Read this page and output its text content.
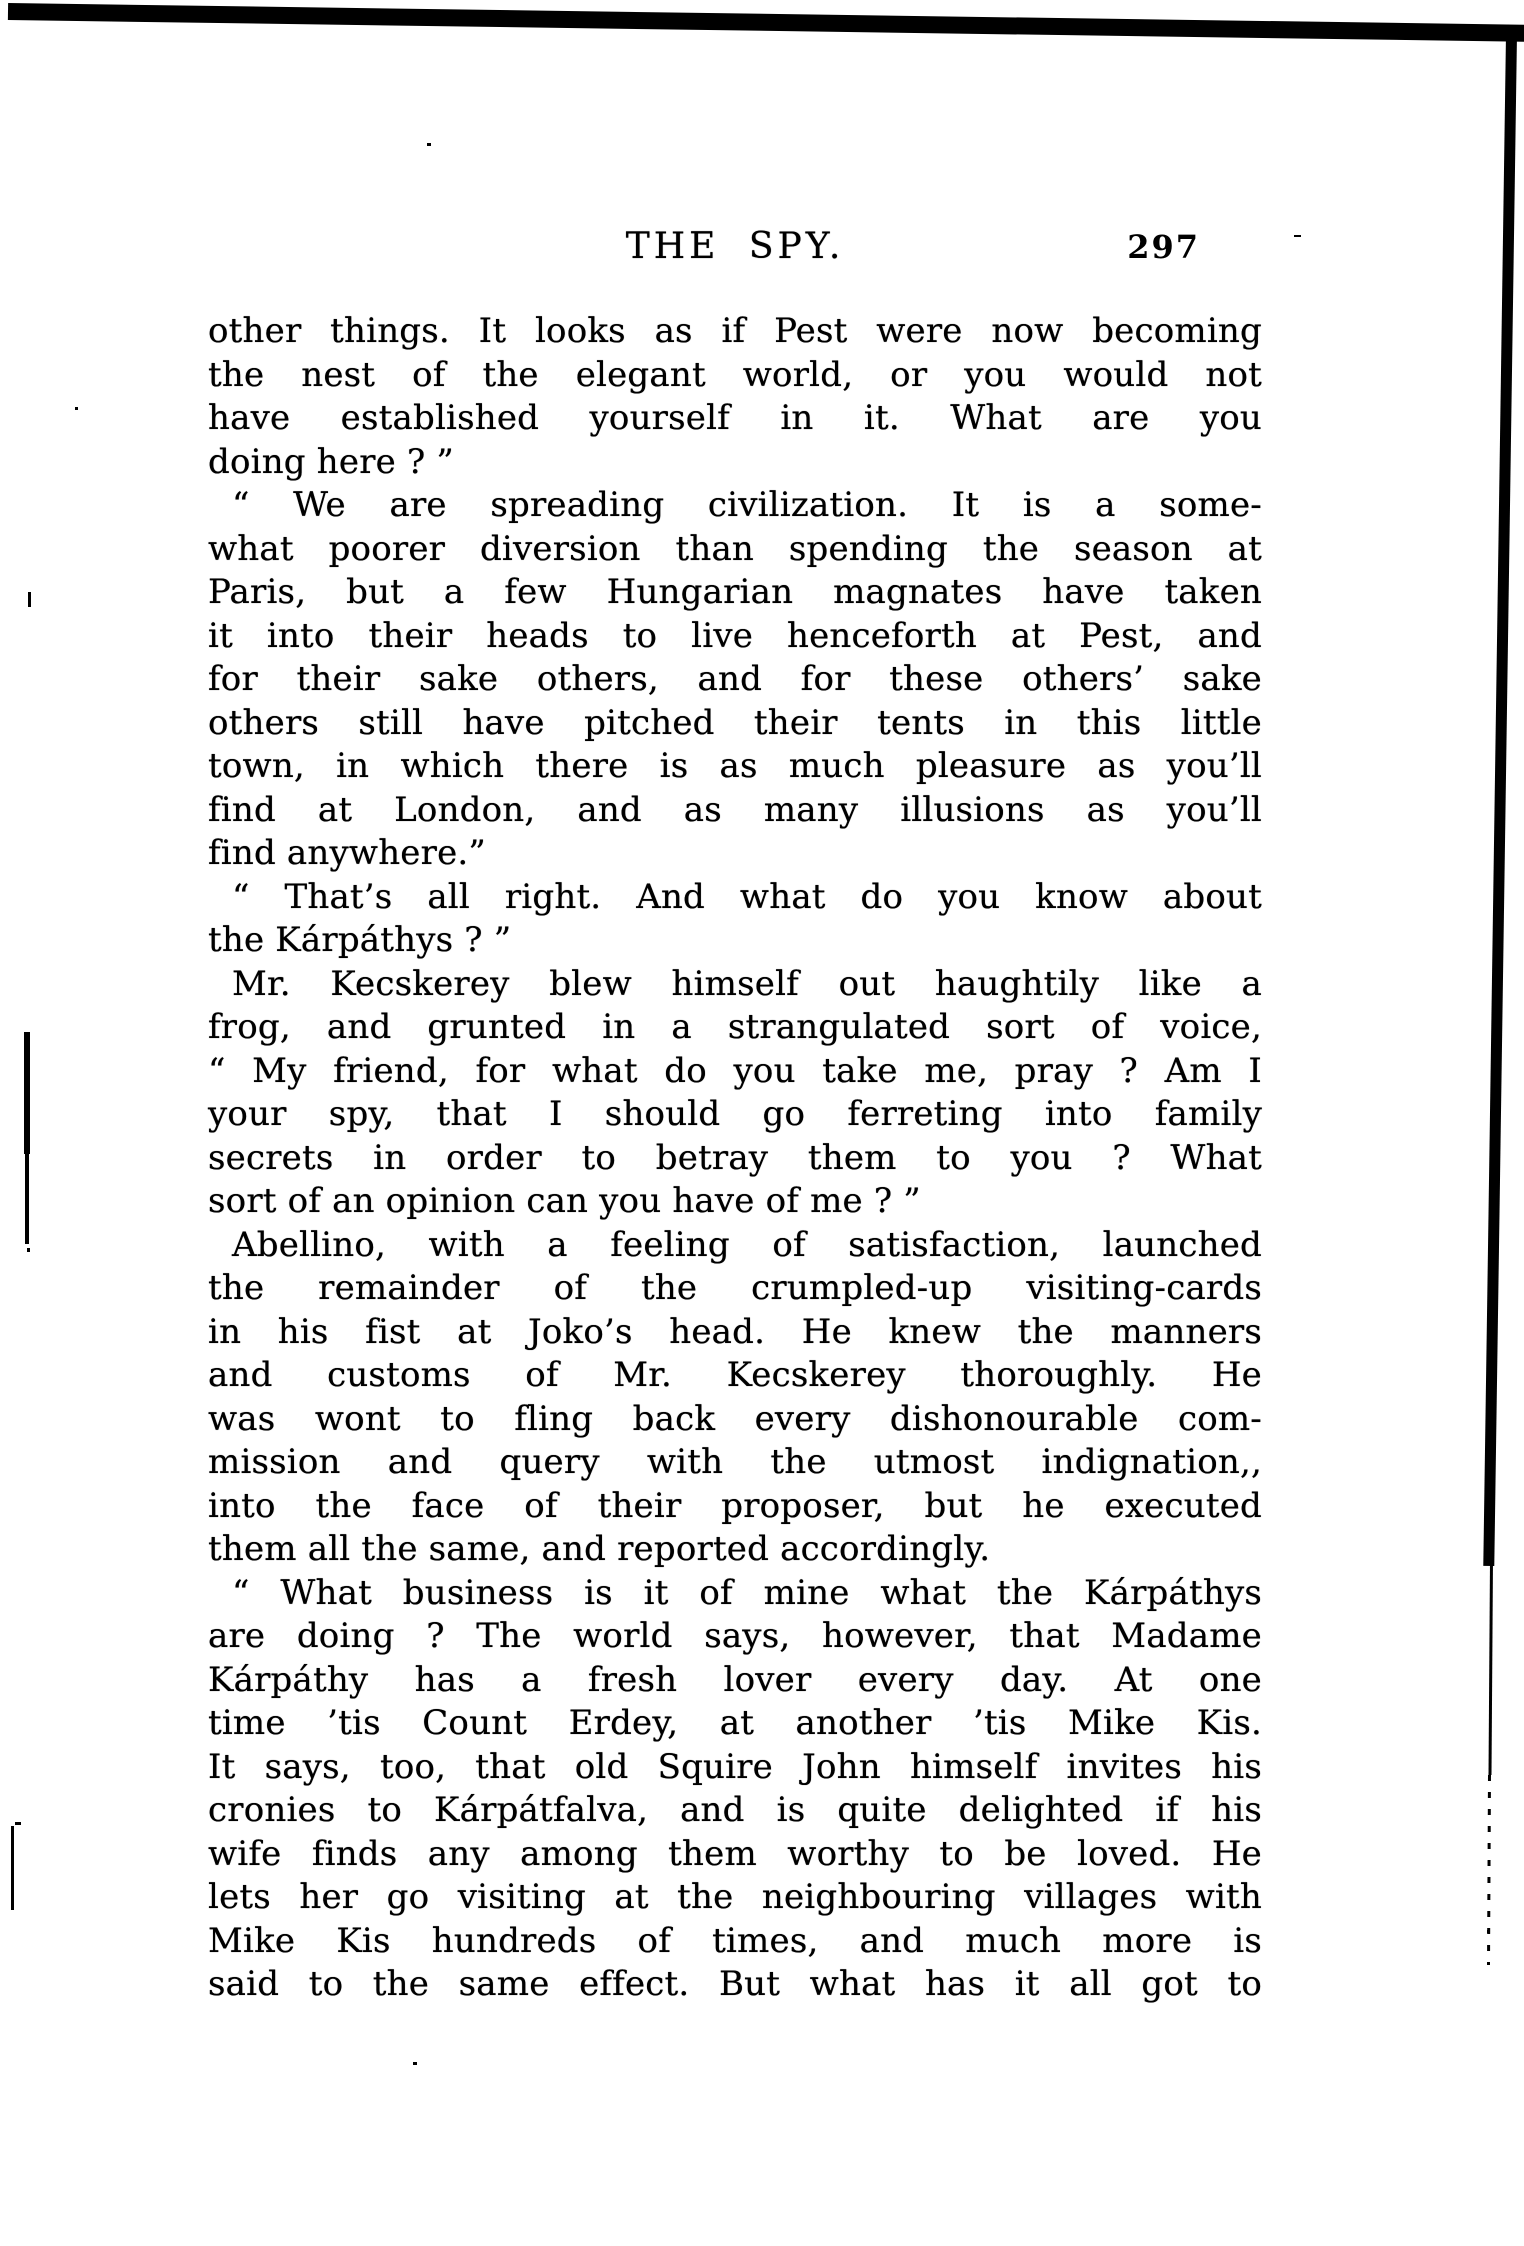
THE SPY.	297
other things. It looks as if Pest were now becoming
the nest of the elegant world, or you would not
have established yourself in it. What are you
doing here ? ”
“ We are spreading civilization. It is a some-
what poorer diversion than spending the season at
Paris, but a few Hungarian magnates have taken
it into their heads to live henceforth at Pest, and
for their sake others, and for these others’ sake
others still have pitched their tents in this little
town, in which there is as much pleasure as you’ll
find at London, and as many illusions as you’ll
find anywhere.”
“ That’s all right. And what do you know about
the Kárpáthys ? ”
Mr. Kecskerey blew himself out haughtily like a
frog, and grunted in a strangulated sort of voice,
“ My friend, for what do you take me, pray ? Am I
your spy, that I should go ferreting into family
secrets in order to betray them to you ? What
sort of an opinion can you have of me ? ”
Abellino, with a feeling of satisfaction, launched
the remainder of the crumpled-up visiting-cards
in his fist at Joko’s head. He knew the manners
and customs of Mr. Kecskerey thoroughly. He
was wont to fling back every dishonourable com-
mission and query with the utmost indignation,,
into the face of their proposer, but he executed
them all the same, and reported accordingly.
“ What business is it of mine what the Kárpáthys
are doing ? The world says, however, that Madame
Kárpáthy has a fresh lover every day. At one
time ’tis Count Erdey, at another ’tis Mike Kis.
It says, too, that old Squire John himself invites his
cronies to Kárpátfalva, and is quite delighted if his
wife finds any among them worthy to be loved. He
lets her go visiting at the neighbouring villages with
Mike Kis hundreds of times, and much more is
said to the same effect. But what has it all got to
